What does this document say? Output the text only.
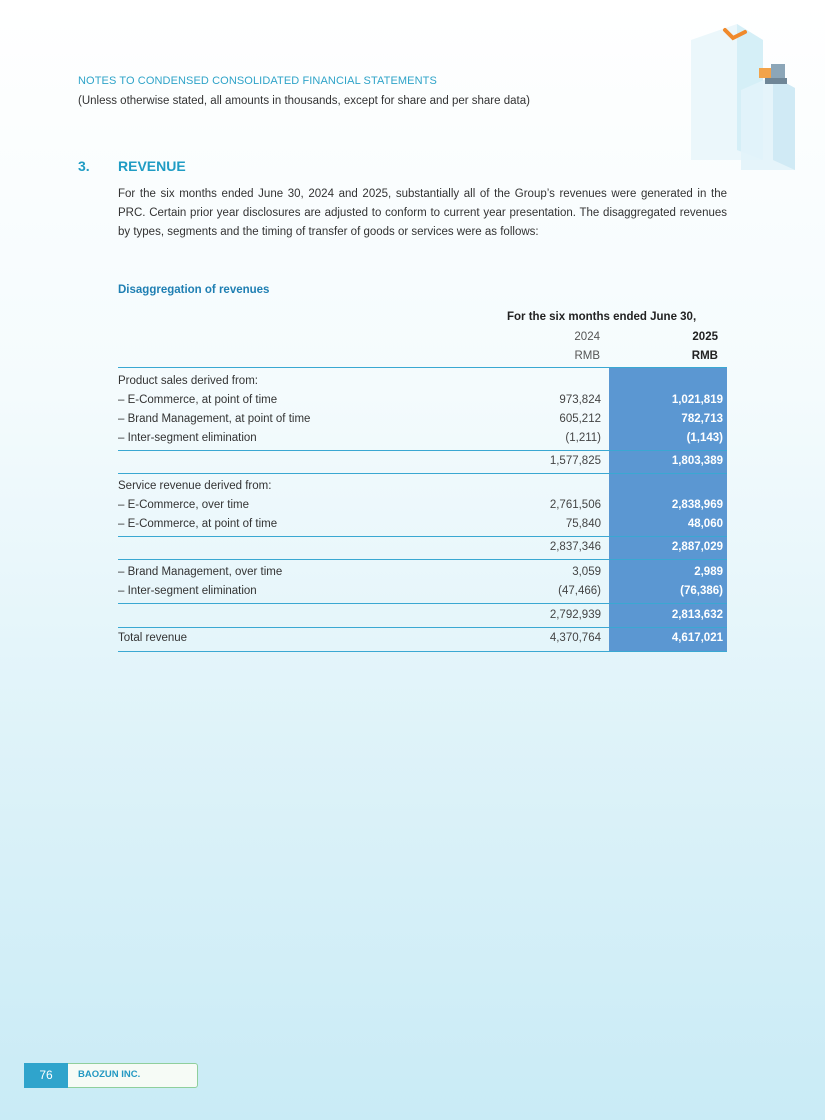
NOTES TO CONDENSED CONSOLIDATED FINANCIAL STATEMENTS
(Unless otherwise stated, all amounts in thousands, except for share and per share data)
3. REVENUE
For the six months ended June 30, 2024 and 2025, substantially all of the Group’s revenues were generated in the PRC. Certain prior year disclosures are adjusted to conform to current year presentation. The disaggregated revenues by types, segments and the timing of transfer of goods or services were as follows:
Disaggregation of revenues
For the six months ended June 30,
2024	2025
RMB	RMB
Product sales derived from:
– E-Commerce, at point of time	973,824	1,021,819
– Brand Management, at point of time	605,212	782,713
– Inter-segment elimination	(1,211)	(1,143)
1,577,825	1,803,389
Service revenue derived from:
– E-Commerce, over time	2,761,506	2,838,969
– E-Commerce, at point of time	75,840	48,060
2,837,346	2,887,029
– Brand Management, over time	3,059	2,989
– Inter-segment elimination	(47,466)	(76,386)
2,792,939	2,813,632
Total revenue	4,370,764	4,617,021
76	BAOZUN INC.
